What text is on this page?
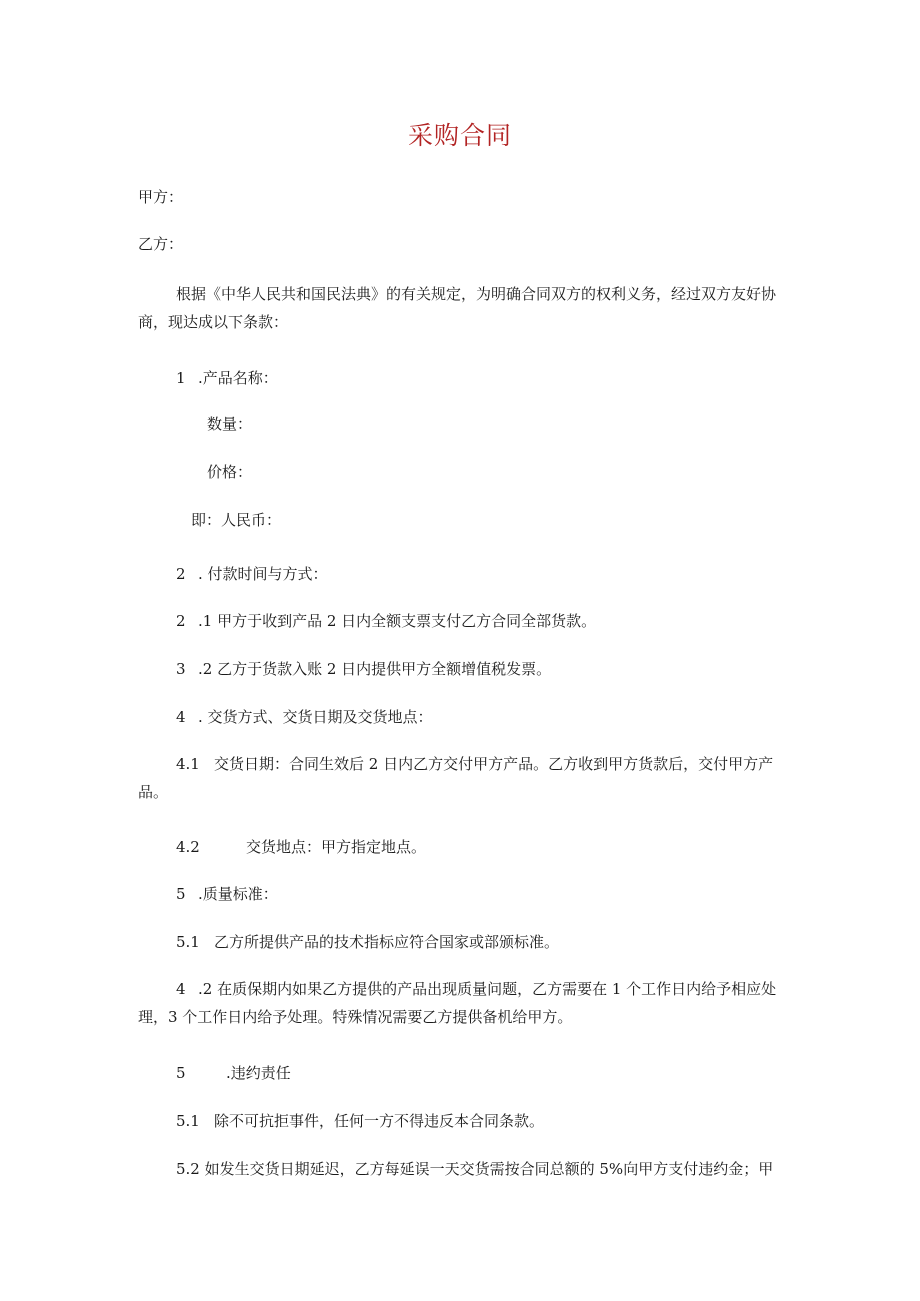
采购合同
甲方：
乙方：
根据《中华人民共和国民法典》的有关规定，为明确合同双方的权利义务，经过双方友好协商，现达成以下条款：
1 .产品名称：
数量：
价格：
即：人民币：
2 . 付款时间与方式：
2 .1 甲方于收到产品 2 日内全额支票支付乙方合同全部货款。
3 .2 乙方于货款入账 2 日内提供甲方全额增值税发票。
4 . 交货方式、交货日期及交货地点：
4.1 交货日期：合同生效后 2 日内乙方交付甲方产品。乙方收到甲方货款后，交付甲方产品。
4.2	交货地点：甲方指定地点。
5 .质量标准：
5.1 乙方所提供产品的技术指标应符合国家或部颁标准。
4 .2 在质保期内如果乙方提供的产品出现质量问题，乙方需要在 1 个工作日内给予相应处理，3 个工作日内给予处理。特殊情况需要乙方提供备机给甲方。
5	.违约责任
5.1 除不可抗拒事件，任何一方不得违反本合同条款。
5.2 如发生交货日期延迟，乙方每延误一天交货需按合同总额的 5%向甲方支付违约金；甲
